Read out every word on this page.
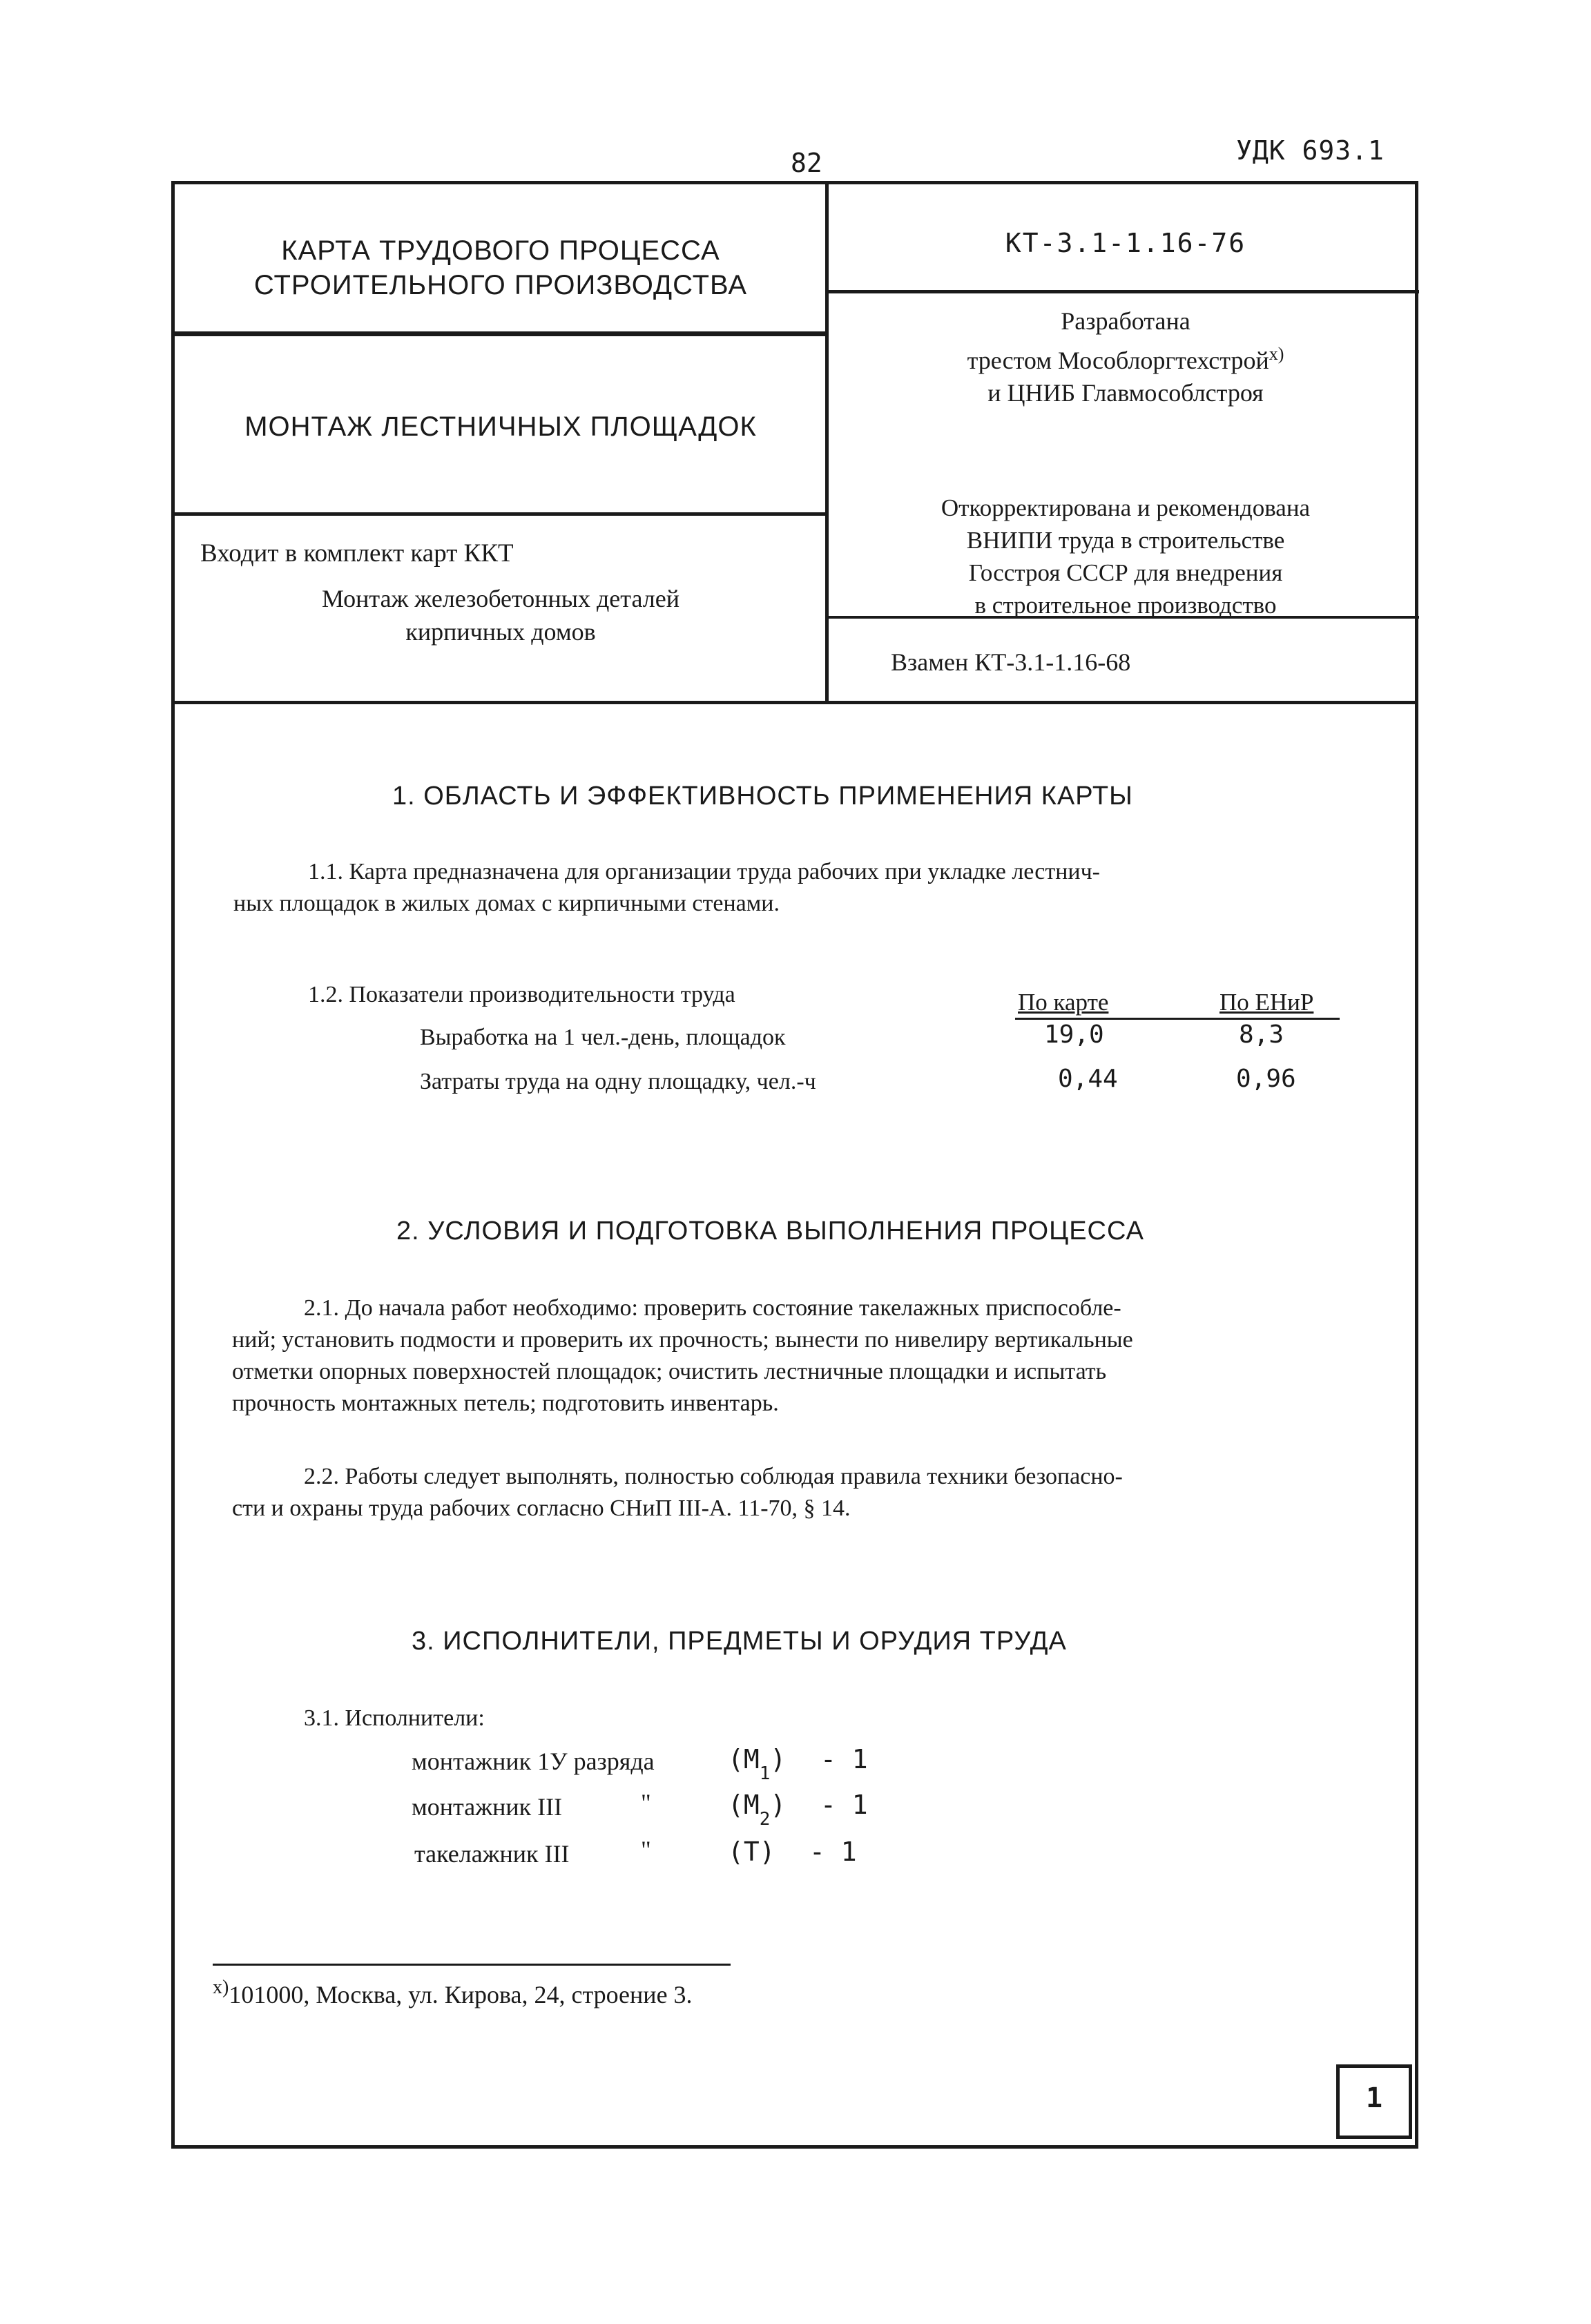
82	УДК 693.1
КАРТА ТРУДОВОГО ПРОЦЕССА
СТРОИТЕЛЬНОГО ПРОИЗВОДСТВА
КТ-3.1-1.16-76
Разработана
трестом Мособлоргтехстрой$^{х)}$
и ЦНИБ Главмособлстроя
МОНТАЖ ЛЕСТНИЧНЫХ ПЛОЩАДОК
Откорректирована и рекомендована
ВНИПИ труда в строительстве
Госстроя СССР для внедрения
в строительное производство
Входит в комплект карт ККТ
Монтаж железобетонных деталей
кирпичных домов
Взамен КТ-3.1-1.16-68
1. ОБЛАСТЬ И ЭФФЕКТИВНОСТЬ ПРИМЕНЕНИЯ КАРТЫ
1.1. Карта предназначена для организации труда рабочих при укладке лестнич-
ных площадок в жилых домах с кирпичными стенами.
1.2. Показатели производительности труда	По карте	По ЕНиР
Выработка на 1 чел.-день, площадок	19,0	8,3
Затраты труда на одну площадку, чел.-ч	0,44	0,96
2. УСЛОВИЯ И ПОДГОТОВКА ВЫПОЛНЕНИЯ ПРОЦЕССА
2.1. До начала работ необходимо: проверить состояние такелажных приспособле-
ний; установить подмости и проверить их прочность; вынести по нивелиру вертикальные
отметки опорных поверхностей площадок; очистить лестничные площадки и испытать
прочность монтажных петель; подготовить инвентарь.
2.2. Работы следует выполнять, полностью соблюдая правила техники безопасно-
сти и охраны труда рабочих согласно СНиП III-А. 11-70, § 14.
3. ИСПОЛНИТЕЛИ, ПРЕДМЕТЫ И ОРУДИЯ ТРУДА
3.1. Исполнители:
монтажник 1У разряда	$(М_1) - 1$
монтажник III	"	$(М_2) - 1$
такелажник III	"	(Т) - 1
$^{х)}$101000, Москва, ул. Кирова, 24, строение 3.
1
